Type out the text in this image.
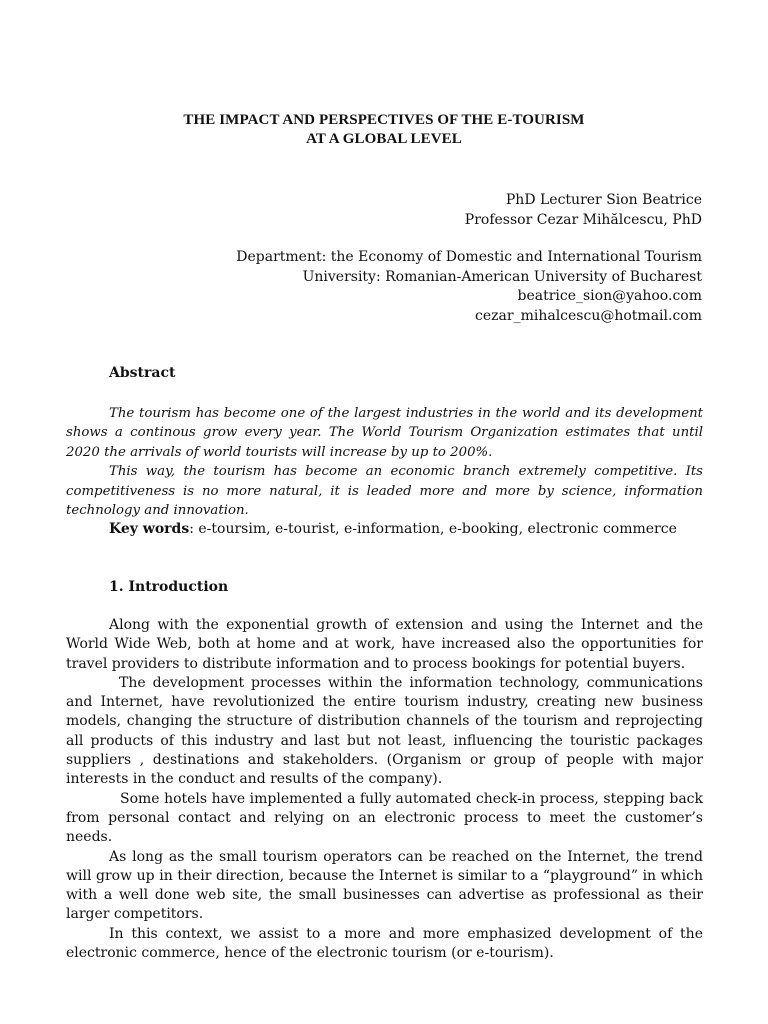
THE IMPACT AND PERSPECTIVES OF THE E-TOURISM
AT A GLOBAL LEVEL
PhD Lecturer Sion Beatrice
Professor Cezar Mihălcescu, PhD
Department: the Economy of Domestic and International Tourism
University: Romanian-American University of Bucharest
beatrice_sion@yahoo.com
cezar_mihalcescu@hotmail.com
Abstract

The tourism has become one of the largest industries in the world and its development shows a continous grow every year. The World Tourism Organization estimates that until 2020 the arrivals of world tourists will increase by up to 200%.

This way, the tourism has become an economic branch extremely competitive. Its competitiveness is no more natural, it is leaded more and more by science, information technology and innovation.

Key words: e-toursim, e-tourist, e-information, e-booking, electronic commerce
1. Introduction

Along with the exponential growth of extension and using the Internet and the World Wide Web, both at home and at work, have increased also the opportunities for travel providers to distribute information and to process bookings for potential buyers.

The development processes within the information technology, communications and Internet, have revolutionized the entire tourism industry, creating new business models, changing the structure of distribution channels of the tourism and reprojecting all products of this industry and last but not least, influencing the touristic packages suppliers , destinations and stakeholders. (Organism or group of people with major interests in the conduct and results of the company).

Some hotels have implemented a fully automated check-in process, stepping back from personal contact and relying on an electronic process to meet the customer’s needs.

As long as the small tourism operators can be reached on the Internet, the trend will grow up in their direction, because the Internet is similar to a “playground” in which with a well done web site, the small businesses can advertise as professional as their larger competitors.

In this context, we assist to a more and more emphasized development of the electronic commerce, hence of the electronic tourism (or e-tourism).
